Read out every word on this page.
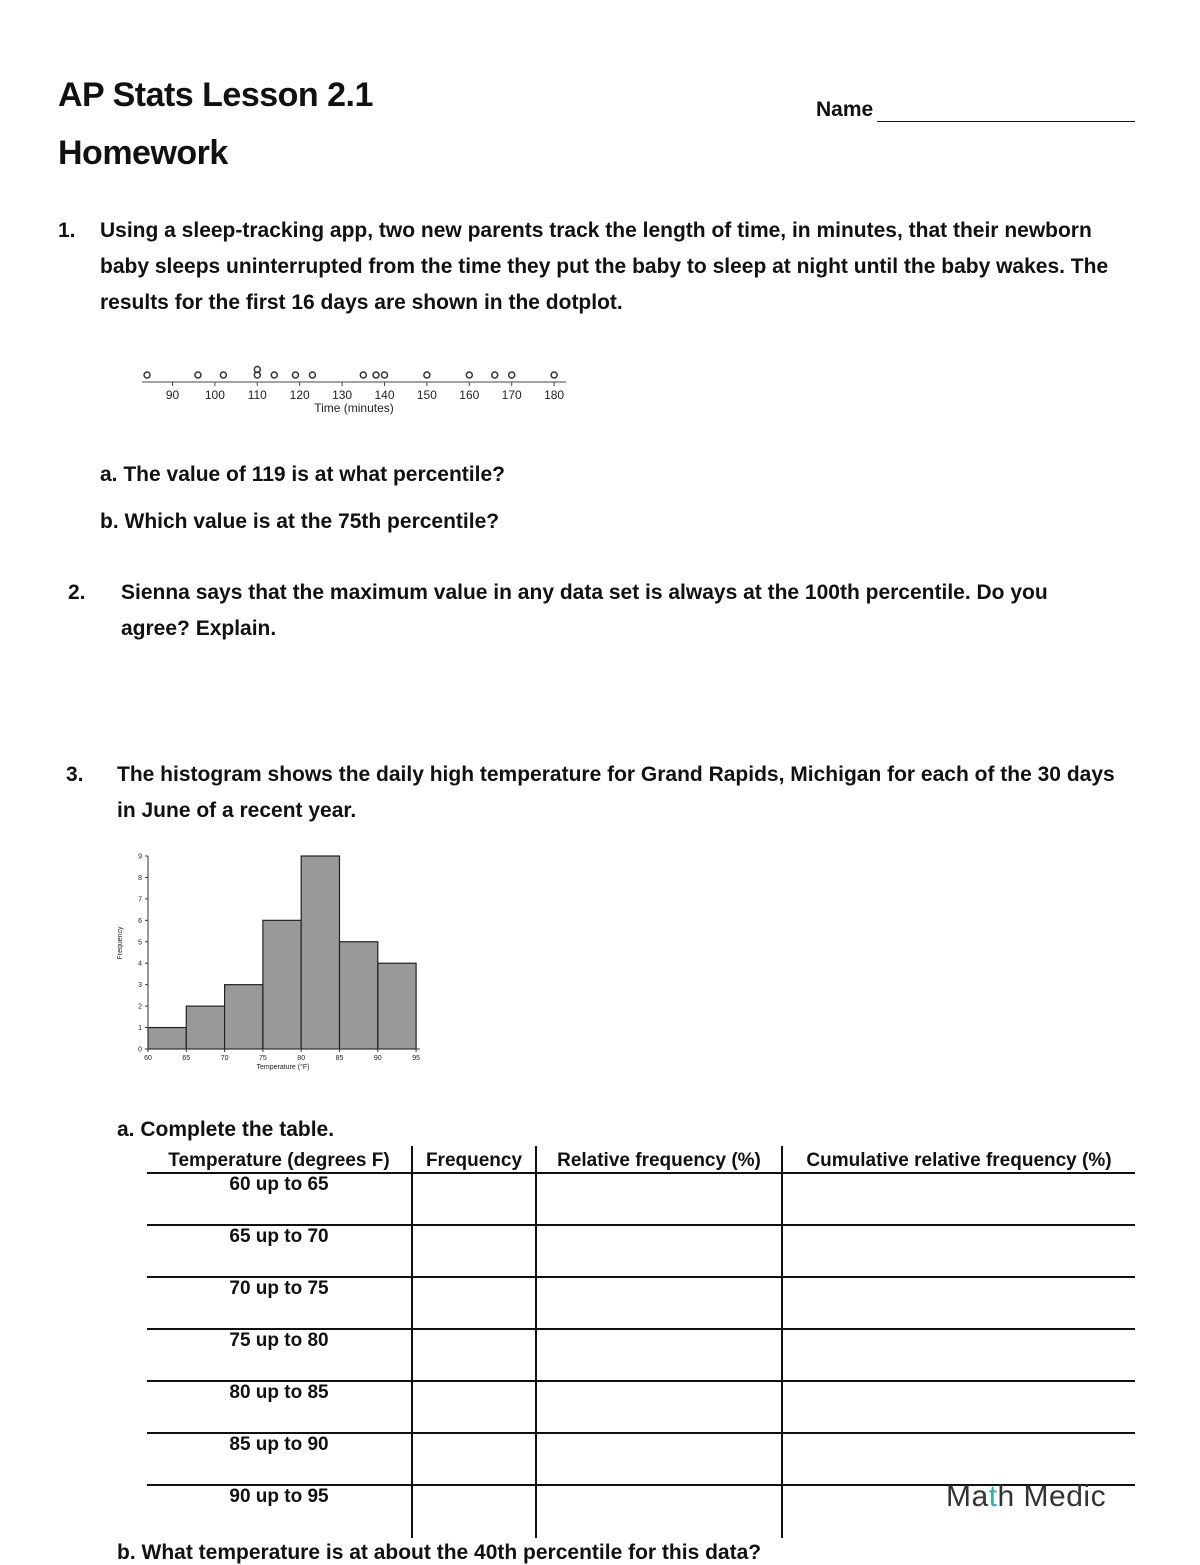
AP Stats Lesson 2.1
Homework
Name
1. Using a sleep-tracking app, two new parents track the length of time, in minutes, that their newborn baby sleeps uninterrupted from the time they put the baby to sleep at night until the baby wakes. The results for the first 16 days are shown in the dotplot.
90 100 110 120 130 140 150 160 170 180
Time (minutes)
a. The value of 119 is at what percentile?
b. Which value is at the 75th percentile?
2. Sienna says that the maximum value in any data set is always at the 100th percentile. Do you agree? Explain.
3. The histogram shows the daily high temperature for Grand Rapids, Michigan for each of the 30 days in June of a recent year.
0
1
2
3
4
5
6
7
8
9
60	65	70	75	80	85	90	95
Temperature (°F)
Frequency
a. Complete the table.
Temperature (degrees F)	Frequency	Relative frequency (%)	Cumulative relative frequency (%)
60 up to 65			
65 up to 70			
70 up to 75			
75 up to 80			
80 up to 85			
85 up to 90			
90 up to 95				Math Medic
b. What temperature is at about the 40th percentile for this data?
